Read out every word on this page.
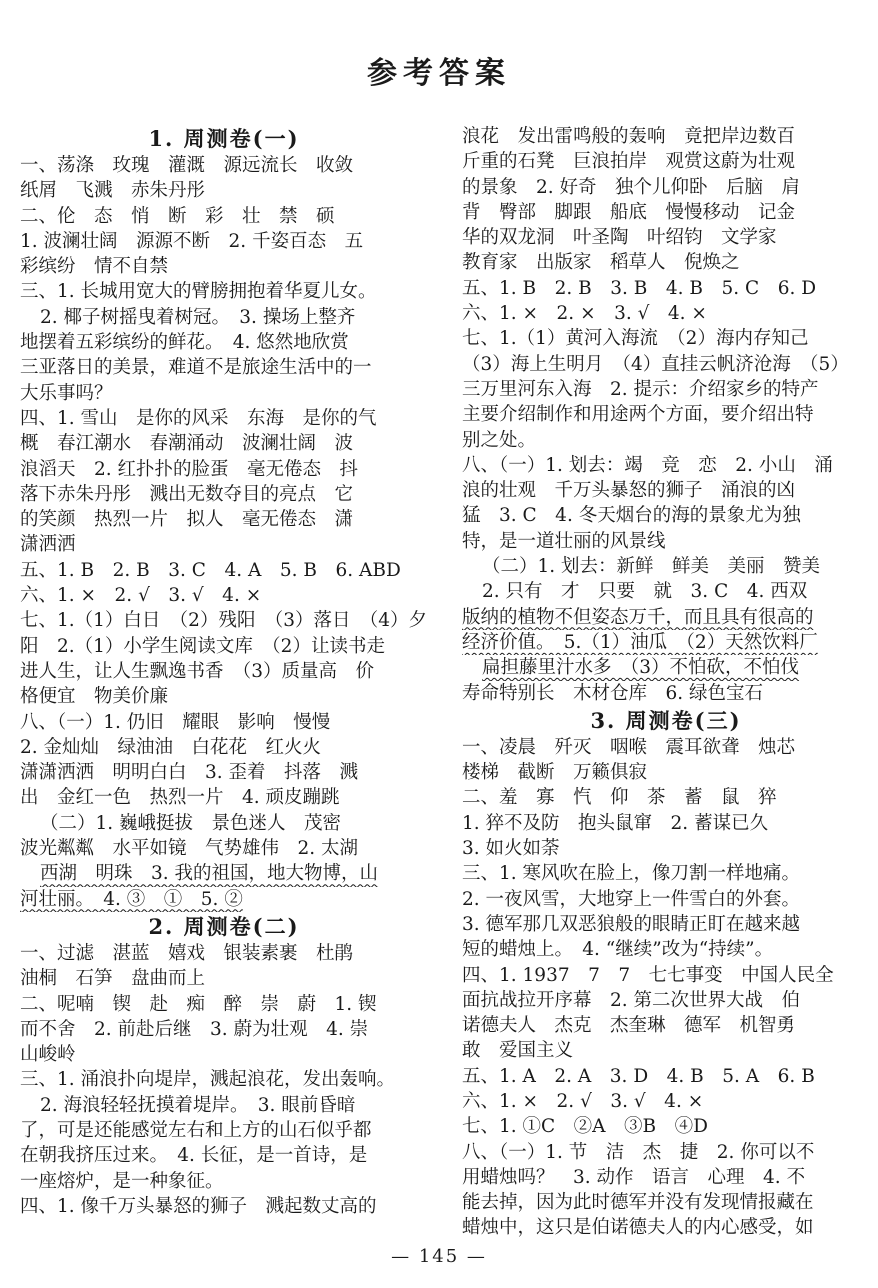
参考答案
1. 周测卷(一)
一、荡涤　玫瑰　灌溉　源远流长　收敛
纸屑　飞溅　赤朱丹彤
二、伦　态　悄　断　彩　壮　禁　硕
1. 波澜壮阔　源源不断　2. 千姿百态　五
彩缤纷　情不自禁
三、1. 长城用宽大的臂膀拥抱着华夏儿女。
2. 椰子树摇曳着树冠。　3. 操场上整齐
地摆着五彩缤纷的鲜花。　4. 悠然地欣赏
三亚落日的美景，难道不是旅途生活中的一
大乐事吗？
四、1. 雪山　是你的风采　东海　是你的气
概　春江潮水　春潮涌动　波澜壮阔　波
浪滔天　2. 红扑扑的脸蛋　毫无倦态　抖
落下赤朱丹彤　溅出无数夺目的亮点　它
的笑颜　热烈一片　拟人　毫无倦态　潇
潇洒洒
五、1. B　2. B　3. C　4. A　5. B　6. ABD
六、1. ×　2. √　3. √　4. ×
七、1.（1）白日　（2）残阳　（3）落日　（4）夕
阳　2.（1）小学生阅读文库　（2）让读书走
进人生，让人生飘逸书香　（3）质量高　价
格便宜　物美价廉
八、（一）1. 仍旧　耀眼　影响　慢慢
2. 金灿灿　绿油油　白花花　红火火
潇潇洒洒　明明白白　3. 歪着　抖落　溅
出　金红一色　热烈一片　4. 顽皮蹦跳
（二）1. 巍峨挺拔　景色迷人　茂密
波光粼粼　水平如镜　气势雄伟　2. 太湖
西湖　明珠　3. 我的祖国，地大物博，山
河壮丽。　4. ③　①　5. ②
2. 周测卷(二)
一、过滤　湛蓝　嬉戏　银装素裹　杜鹃
油桐　石笋　盘曲而上
二、呢喃　锲　赴　痴　醉　崇　蔚　1. 锲
而不舍　2. 前赴后继　3. 蔚为壮观　4. 崇
山峻岭
三、1. 涌浪扑向堤岸，溅起浪花，发出轰响。
2. 海浪轻轻抚摸着堤岸。　3. 眼前昏暗
了，可是还能感觉左右和上方的山石似乎都
在朝我挤压过来。　4. 长征，是一首诗，是
一座熔炉，是一种象征。
四、1. 像千万头暴怒的狮子　溅起数丈高的
浪花　发出雷鸣般的轰响　竟把岸边数百
斤重的石凳　巨浪拍岸　观赏这蔚为壮观
的景象　2. 好奇　独个儿仰卧　后脑　肩
背　臀部　脚跟　船底　慢慢移动　记金
华的双龙洞　叶圣陶　叶绍钧　文学家
教育家　出版家　稻草人　倪焕之
五、1. B　2. B　3. B　4. B　5. C　6. D
六、1. ×　2. ×　3. √　4. ×
七、1.（1）黄河入海流　（2）海内存知己
（3）海上生明月　（4）直挂云帆济沧海　（5）
三万里河东入海　2. 提示：介绍家乡的特产
主要介绍制作和用途两个方面，要介绍出特
别之处。
八、（一）1. 划去：竭　竞　恋　2. 小山　涌
浪的壮观　千万头暴怒的狮子　涌浪的凶
猛　3. C　4. 冬天烟台的海的景象尤为独
特，是一道壮丽的风景线
（二）1. 划去：新鲜　鲜美　美丽　赞美
2. 只有　才　只要　就　3. C　4. 西双
版纳的植物不但姿态万千，而且具有很高的
经济价值。　5.（1）油瓜　（2）天然饮料厂
扁担藤里汁水多　（3）不怕砍，不怕伐
寿命特别长　木材仓库　6. 绿色宝石
3. 周测卷(三)
一、凌晨　歼灭　咽喉　震耳欲聋　烛芯
楼梯　截断　万籁俱寂
二、羞　寡　忾　仰　茶　蓄　鼠　猝
1. 猝不及防　抱头鼠窜　2. 蓄谋已久
3. 如火如荼
三、1. 寒风吹在脸上，像刀割一样地痛。
2. 一夜风雪，大地穿上一件雪白的外套。
3. 德军那几双恶狼般的眼睛正盯在越来越
短的蜡烛上。　4. “继续”改为“持续”。
四、1. 1937　7　7　七七事变　中国人民全
面抗战拉开序幕　2. 第二次世界大战　伯
诺德夫人　杰克　杰奎琳　德军　机智勇
敢　爱国主义
五、1. A　2. A　3. D　4. B　5. A　6. B
六、1. ×　2. √　3. √　4. ×
七、1. ①C　②A　③B　④D
八、（一）1. 节　洁　杰　捷　2. 你可以不
用蜡烛吗？　3. 动作　语言　心理　4. 不
能去掉，因为此时德军并没有发现情报藏在
蜡烛中，这只是伯诺德夫人的内心感受，如
— 145 —
